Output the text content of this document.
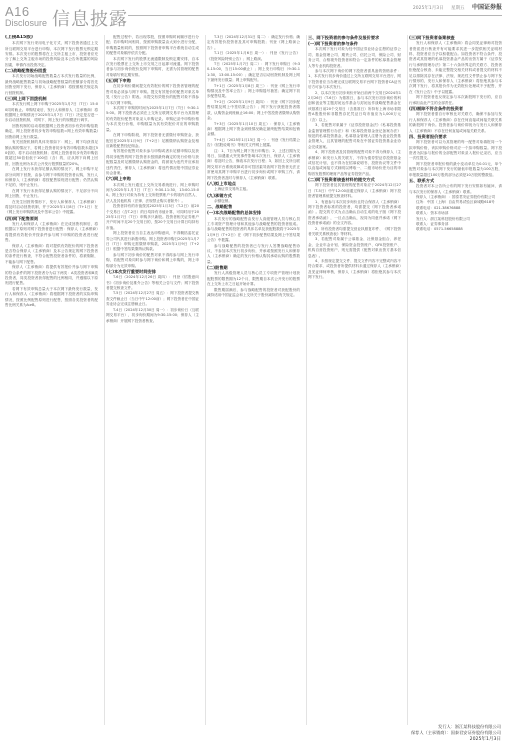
A16
Disclosure 信息披露
2025年1月3日 星期五 中国证券报
(上接A15版)
本次网下发行采用电子化方式，网下投资者通过上交所互联网交易平台进行申购，本次网下发行股票无锁定期安排。本次发行的股票将在上交所主板上市，投资者应充分了解上交所主板市场的投资风险及本公告所披露的风险因素，审慎作出投资决定。
(二)战略配售股份回拨
本次发行初始战略配售数量占本次发行数量的比例，最终战略配售数量与初始战略配售数量的差额部分将首先回拨至网下发行，保荐人（主承销商）将按照相关规定执行回拨机制。
(三)网上网下回拨机制
本次发行网上网下申购于2025年1月7日（T日）15:00同时截止。申购结束后，发行人和保荐人（主承销商）将根据网上申购情况于2025年1月7日（T日）决定是否进一步启动回拨机制，对网下、网上发行的规模进行调节。
回拨机制的启动将根据网上投资者初步有效申购倍数确定，网上投资者初步有效申购倍数=网上有效申购数量/回拨前网上发行数量。
有关回拨机制的具体安排如下：网上、网下均获得足额认购的情况下，若网上投资者初步有效申购倍数未超过50倍的，将不启动回拨机制；若网上投资者初步有效申购倍数超过50倍但低于100倍（含）的，应从网下向网上回拨，回拨比例为本次公开发行股票数量的20%。
在网上发行未获得足额认购的情况下，网上申购不足部分向网下回拨，由参与网下申购的投资者认购，发行人和保荐人（主承销商）将按配售原则进行配售；仍然认购不足的，则中止发行。
在网下发行未获得足额认购的情况下，不足部分不向网上回拨，中止发行。
在发生回拨的情形下，发行人和保荐人（主承销商）将及时启动回拨机制，并于2025年1月8日（T+1日）在《网上发行申购情况及中签率公告》中披露。
(四)网下配售原则
发行人和保荐人（主承销商）在完成回拨机制后，将根据以下原则对网下投资者进行配售：保荐人（主承销商）将提供有效报价并按条件参与网下申购的投资者进行配售。
保荐人（主承销商）将对提供有效报价的网下投资者是否符合保荐人（主承销商）及本公告规定的网下投资者的条件进行核查，不符合配售投资者条件的，将被剔除，不能参与网下配售。
保荐人（主承销商）将提供有效报价并参与网下申购的符合条件的网下投资者分为以下两类：A类投资者和B类投资者，同类投资者获得配售的比例相同，并遵循以下原则进行配售。
若网下有效申购总量大于本次网下最终发行数量，发行人和保荐人（主承销商）将根据网下投资者的实际申购情况，按照比例配售原则进行配售，按照各类投资者的配售比例关系为A≥B。
配售过程中，若出现零股，按照申购时间顺序进行分配；若申购时间相同，按照申购数量由大到小进行分配，申购数量相同的，按照网下投资者申购平台系统自动生成的配售对象顺序依次分配。
本次网下发行的股票无流通限制及锁定期安排，自本次发行股票在上交所上市交易之日起即可流通。网下投资者参与初步询价报价及网下申购时，无需为其管理的配售对象填写锁定期安排。
(五)网下申购
在初步询价期间提交有效报价的网下投资者管理的配售对象必须参与网下申购。提交有效报价的配售对象名单见《发行公告》附表。未提交有效报价的配售对象不得参与本次网下申购。
本次网下申购的时间为2025年1月7日（T日）9:30-15:00。网下投资者必须在上交所互联网交易平台为其管理的有效报价配售对象录入申购记录。申购记录中申购价格为本次发行价格，申购数量为其有效报价对应的申购数量。
在网下申购阶段，网下投资者无需缴付申购资金，获配后在2025年1月9日（T+2日）足额缴纳认购资金及相应新股配售经纪佣金。
有效报价配售对象未参与申购或者未足额申购以及获得初步配售的网下投资者未按照最终确定的发行价格与获配数量及时足额缴纳认购资金的，将被视为违约并应承担违约责任，保荐人（主承销商）将违约情况报中国证券业协会备案。
(六)网上申购
本次网上发行通过上交所交易系统进行，网上申购时间为2025年1月7日（T日）9:30-11:30，13:00-15:00。网上发行对象为持有上交所股票账户卡的境内自然人、法人及其他机构（法律、法规禁止购买者除外）。
投资者持有的市值按其2025年1月3日（T-2日）前20个交易日（含T-2日）的日均持有市值计算，可同时用于2025年1月7日（T日）申购多只新股。投资者相关证券账户开户时间不足20个交易日的，按20个交易日计算日均持有市值。
网上投资者应当自主表达申购意向，不得概括委托证券公司代其进行新股申购。网上投资者申购日2025年1月7日（T日）申购无需缴纳申购款，2025年1月9日（T+2日）根据中签结果缴纳认购款。
参与网下初步询价的配售对象不得再参与网上发行申购，若配售对象同时参与网下询价和网上申购的，网上申购部分为无效申购。
(七)本次发行重要时间安排
T-6日（2024年12月26日 周四）：刊登《招股意向书》《初步询价及推介公告》等相关公告与文件；网下投资者提交核查文件。
T-5日（2024年12月27日 周五）：网下投资者提交核查文件截止日（当日中午12:00前）；网下投资者在中国证券业协会完成注册截止日。
T-4日（2024年12月30日 周一）：初步询价日（互联网交易平台），初步询价期间为9:30-15:00；保荐人（主承销商）开展网下投资者核查。
T-3日（2024年12月31日 周二）：确定发行价格；确定有效报价投资者及其可申购股数；刊登《网上路演公告》。
T-1日（2025年1月6日 周一）：刊登《发行公告》《投资风险特别公告》；网上路演。
T日（2025年1月7日 周二）：网下发行申购日（9:30-15:00，当日15:00截止）；网上发行申购日（9:30-11:30，13:00-15:00）；确定是否启动回拨机制及网上网下最终发行数量；网上申购配号。
T+1日（2025年1月8日 周三）：刊登《网上发行申购情况及中签率公告》；网上申购摇号抽签；确定网下初步配售结果。
T+2日（2025年1月9日 周四）：刊登《网下初步配售结果及网上中签结果公告》；网下发行获配投资者缴款，认购资金到账截止16:00；网上中签投资者缴纳认购资金。
T+3日（2025年1月10日 周五）：保荐人（主承销商）根据网上网下资金到账情况确定最终配售结果和包销金额。
T+4日（2025年1月13日 周一）：刊登《发行结果公告》《招股说明书》等相关文件网上披露。
注：1、T日为网上网下发行申购日；2、上述日期为交易日，如遇重大突发事件影响本次发行，保荐人（主承销商）将及时公告，修改本次发行日程；3、如因上交所互联网交易平台系统故障或非可控因素导致网下投资者无法正常使用其网下申购平台进行初步询价或网下申购工作，请网下投资者及时与保荐人（主承销商）联系。
(八)拟上市地点
上海证券交易所主板。
(九)承销方式
余额包销。
二、战略配售
(一)本次战略配售的总体安排
本次发行的战略配售由发行人高级管理人员与核心员工专项资产管理计划和其他参与战略配售的投资者组成。参与战略配售的投资者的具体名单及获配股数将于2025年1月9日（T+2日）在《网下初步配售结果及网上中签结果公告》中披露。
参与战略配售的投资者已与发行人签署战略配售协议，不参加本次发行初步询价，并承诺按照发行人和保荐人（主承销商）确定的发行价格认购其承诺认购的股票数量。
(二)限售期
发行人高级管理人员与核心员工专项资产管理计划获配股票的限售期为12个月，限售期自本次公开发行的股票在上交所上市之日起开始计算。
限售期届满后，参与战略配售的投资者对获配股份的减持适用中国证监会和上交所关于股份减持的有关规定。
三、网下投资者的参与条件及报价要求
(一)网下投资者的参与条件
本次网下发行对象为经中国证券业协会注册的证券公司、基金管理公司、期货公司、信托公司、保险公司、财务公司、合格境外投资者和符合一定条件的私募基金管理人等专业机构投资者。
参与本次网下询价的网下投资者需具备的资格条件：1、本次发行初步询价通过上交所互联网交易平台进行，网下投资者应当办理完成互联网交易平台网下投资者CA证书后方可参与本次发行。
2、以本次发行初步询价开始日前两个交易日2024年12月26日（T-6日）为基准日，参与本次发行初步询价的科创和创业等主题封闭运作基金与封闭运作战略配售基金在该基准日前20个交易日（含基准日）所持有上海市场非限售A股股份和非限售存托凭证日均市值应为1,000万元（含）以上。
3、若配售对象属于《证券投资基金法》《私募投资基金监督管理暂行办法》和《私募投资基金登记备案办法》规范的私募投资基金，私募基金管理人注册为创业投资基金管理人，且其管理的配售对象在中国证券投资基金业协会完成备案。
4、网下投资者及其管理的配售对象不得为保荐人（主承销商）和发行人的关联方，不得为债券型证券投资基金或信托计划，也不得为在招募说明书、投资协议等文件中以直接或间接方式载明以博取一、二级市场价差为目的申购首发股票的理财产品等证券投资产品。
(二)网下投资者核查材料的提交方式
网下投资者及其管理的配售对象应于2024年12月27日（T-5日）中午12:00前通过保荐人（主承销商）网下投资者管理系统提交核查材料。
1、有意参与本次初步询价且符合保荐人（主承销商）网下投资者标准的投资者，均需提交《网下投资者承诺函》。提交的方式为点击确认自动生成的电子版《网下投资者承诺函》，一旦点击确认，视同为同意并承诺《网下投资者承诺函》的全文内容。
2、所有投资者均需提交营业执照复印件、《网下投资者关联关系核查表》等材料。
3、若配售对象属于公募基金、社保基金组合、养老金、企业年金计划、保险资金投资账户、QFII投资账户、机构自营投资账户，则无需提供《配售对象出资方基本信息表》。
4、未按规定提交文件、提交文件内容不完整或内容不符合要求、或投资者所提供材料未通过保荐人（主承销商）及见证律师审核，保荐人（主承销商）将拒绝其参与本次网下发行。
(三)网下投资者备案核查
发行人和保荐人（主承销商）将会同见证律师对投资者资质进行核查并有可能要求其进一步提供相关证明材料，投资者应当予以积极配合。如投资者不符合条件、投资者或其管理的私募投资基金产品的出资方属于《证券发行与承销管理办法》第二十六条所界定的关联方、投资者拒绝配合核查、未能完整提交相关材料或者提交的材料不足以排除其存在法律、法规、规范性文件禁止参与网下发行情形的，发行人和保荐人（主承销商）将拒绝其参与本次网下发行、将其报价作为无效报价处理或不予配售，并在《发行公告》中予以披露。
网下投资者违反规定参与本次新股网下发行的，应自行承担由此产生的全部责任。
(四)剔除不符合条件的投资者
网下投资者需自行审核比对关联方，确保不参加与发行人和保荐人（主承销商）存在任何直接或间接关联关系的新股网下询价。投资者参与询价即视为与发行人和保荐人（主承销商）不存在任何直接或间接关联关系。
四、投资者报价要求
网下投资者可以为其管理的每一配售对象填报同一个拟申购价格，该拟申购价格对应一个拟申购数量。网下投资者为拟参与报价的全部配售对象录入报价记录后，应当一次性提交。
网下投资者申报价格的最小变动单位为0.01元，单个配售对象参与本次网下发行的最低申报数量为100万股，申报数量超过100万股的部分必须是10万股的整数倍。
五、联系方式
投资者对本公告所公布的网下发行安排如有疑问，请与本次发行的保荐人（主承销商）联系。
保荐人（主承销商）：国泰君安证券股份有限公司
住所：中国（上海）自由贸易试验区商城路618号
联系电话：021-38676888
联系人：资本市场部
发行人：浙江某科技股份有限公司
联系人：证券事务部
联系电话：0571-56658888
发行人：浙江某科技股份有限公司
保荐人（主承销商）：国泰君安证券股份有限公司
2025年1月3日
